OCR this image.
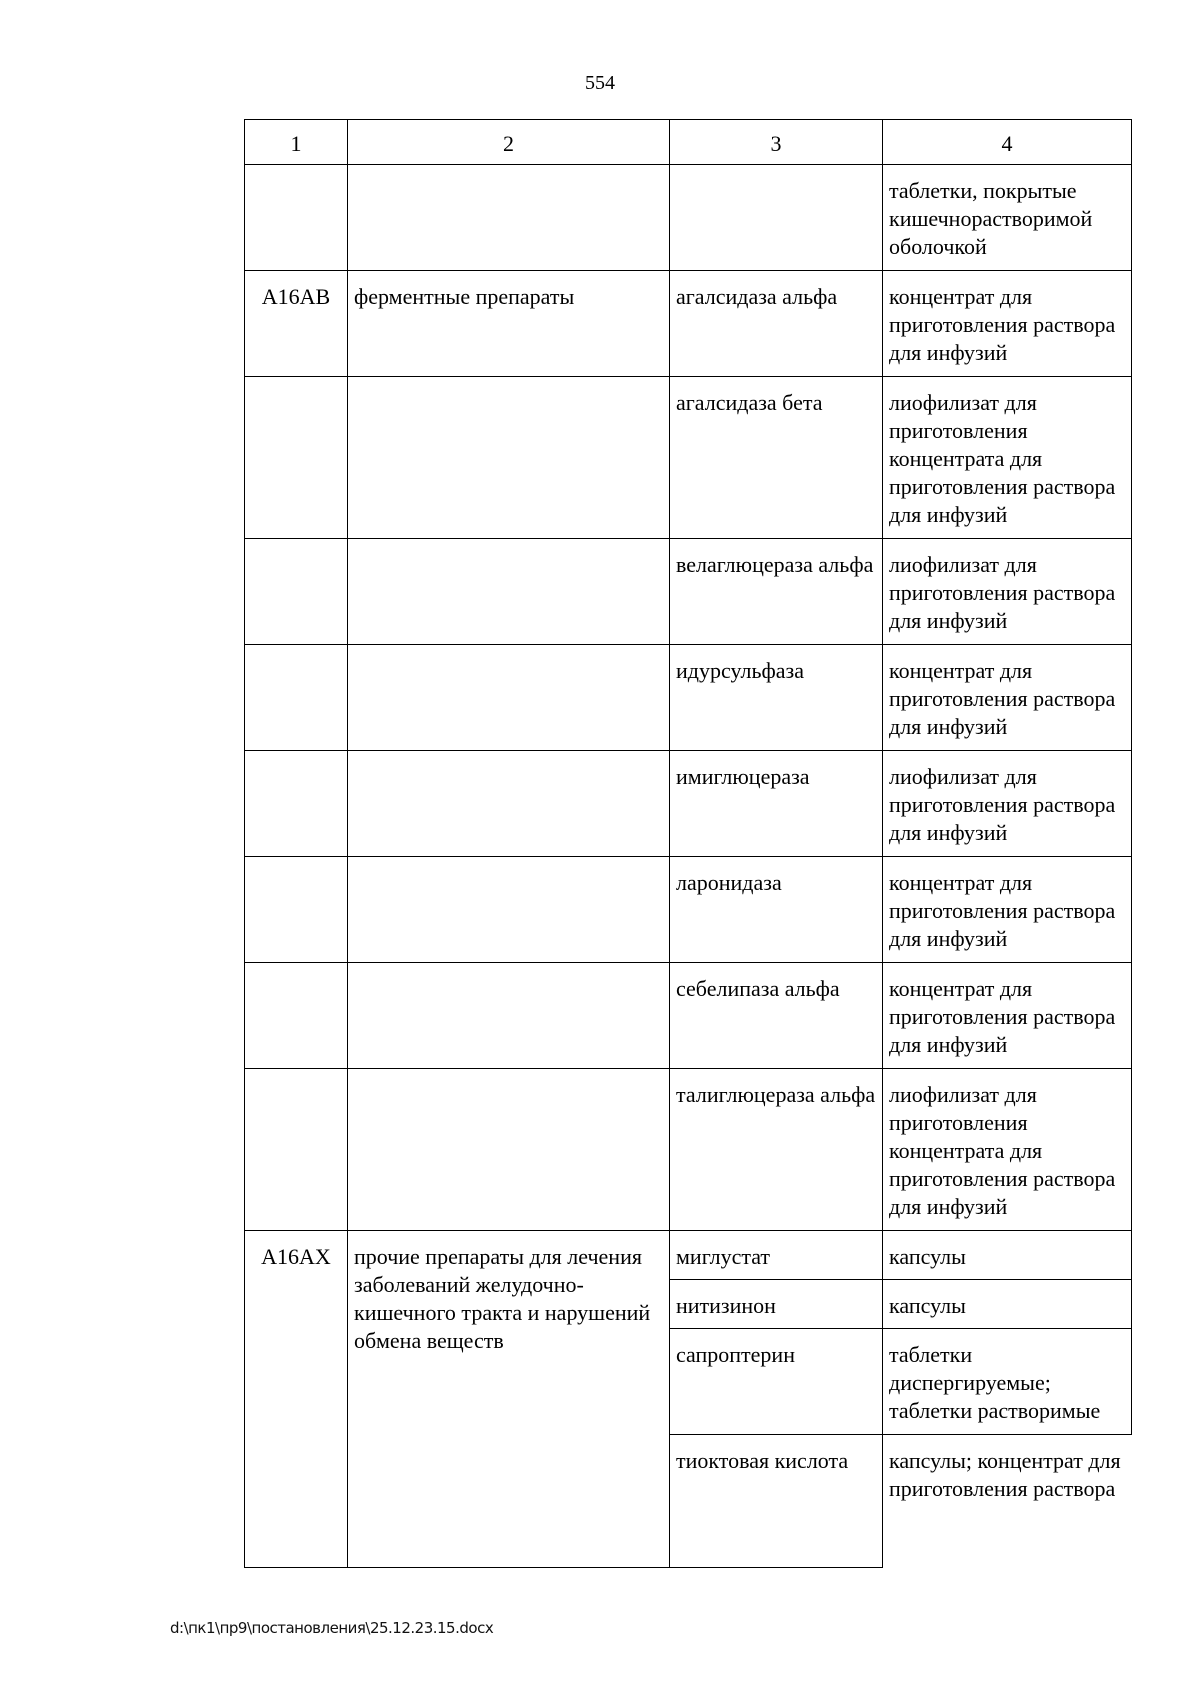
554
1	2	3	4
			таблетки, покрытые кишечнорастворимой оболочкой
A16AB	ферментные препараты	агалсидаза альфа	концентрат для приготовления раствора для инфузий
		агалсидаза бета	лиофилизат для приготовления концентрата для приготовления раствора для инфузий
		велаглюцераза альфа	лиофилизат для приготовления раствора для инфузий
		идурсульфаза	концентрат для приготовления раствора для инфузий
		имиглюцераза	лиофилизат для приготовления раствора для инфузий
		ларонидаза	концентрат для приготовления раствора для инфузий
		себелипаза альфа	концентрат для приготовления раствора для инфузий
		талиглюцераза альфа	лиофилизат для приготовления концентрата для приготовления раствора для инфузий
A16AX	прочие препараты для лечения заболеваний желудочно-кишечного тракта и нарушений обмена веществ	миглустат	капсулы
		нитизинон	капсулы
		сапроптерин	таблетки диспергируемые; таблетки растворимые
		тиоктовая кислота	капсулы; концентрат для приготовления раствора
d:\пк1\пр9\постановления\25.12.23.15.docx
